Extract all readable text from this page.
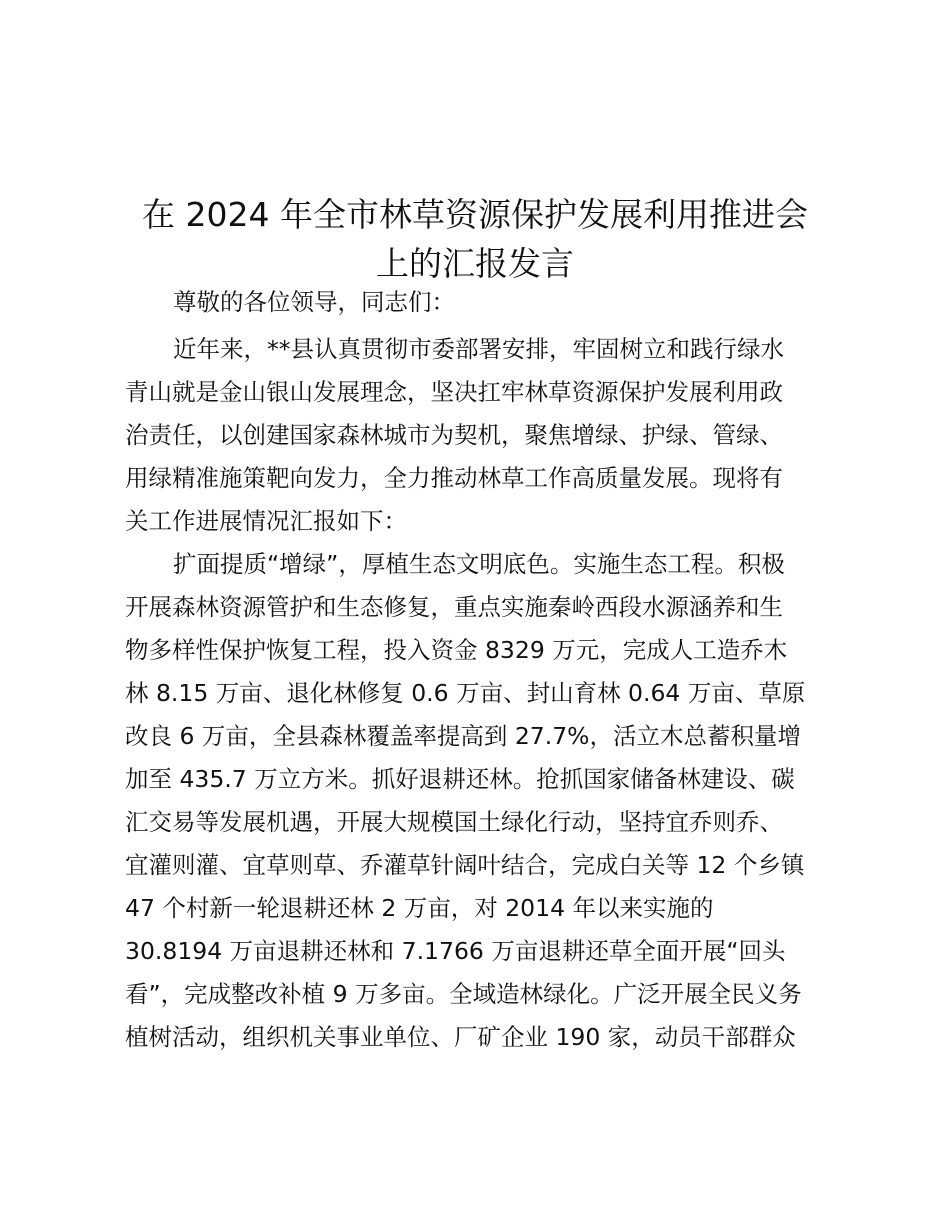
在 2024 年全市林草资源保护发展利用推进会
上的汇报发言
尊敬的各位领导，同志们：
近年来，**县认真贯彻市委部署安排，牢固树立和践行绿水
青山就是金山银山发展理念，坚决扛牢林草资源保护发展利用政
治责任，以创建国家森林城市为契机，聚焦增绿、护绿、管绿、
用绿精准施策靶向发力，全力推动林草工作高质量发展。现将有
关工作进展情况汇报如下：
扩面提质“增绿”，厚植生态文明底色。实施生态工程。积极
开展森林资源管护和生态修复，重点实施秦岭西段水源涵养和生
物多样性保护恢复工程，投入资金 8329 万元，完成人工造乔木
林 8.15 万亩、退化林修复 0.6 万亩、封山育林 0.64 万亩、草原
改良 6 万亩，全县森林覆盖率提高到 27.7%，活立木总蓄积量增
加至 435.7 万立方米。抓好退耕还林。抢抓国家储备林建设、碳
汇交易等发展机遇，开展大规模国土绿化行动，坚持宜乔则乔、
宜灌则灌、宜草则草、乔灌草针阔叶结合，完成白关等 12 个乡镇
47 个村新一轮退耕还林 2 万亩，对 2014 年以来实施的
30.8194 万亩退耕还林和 7.1766 万亩退耕还草全面开展“回头
看”，完成整改补植 9 万多亩。全域造林绿化。广泛开展全民义务
植树活动，组织机关事业单位、厂矿企业 190 家，动员干部群众
